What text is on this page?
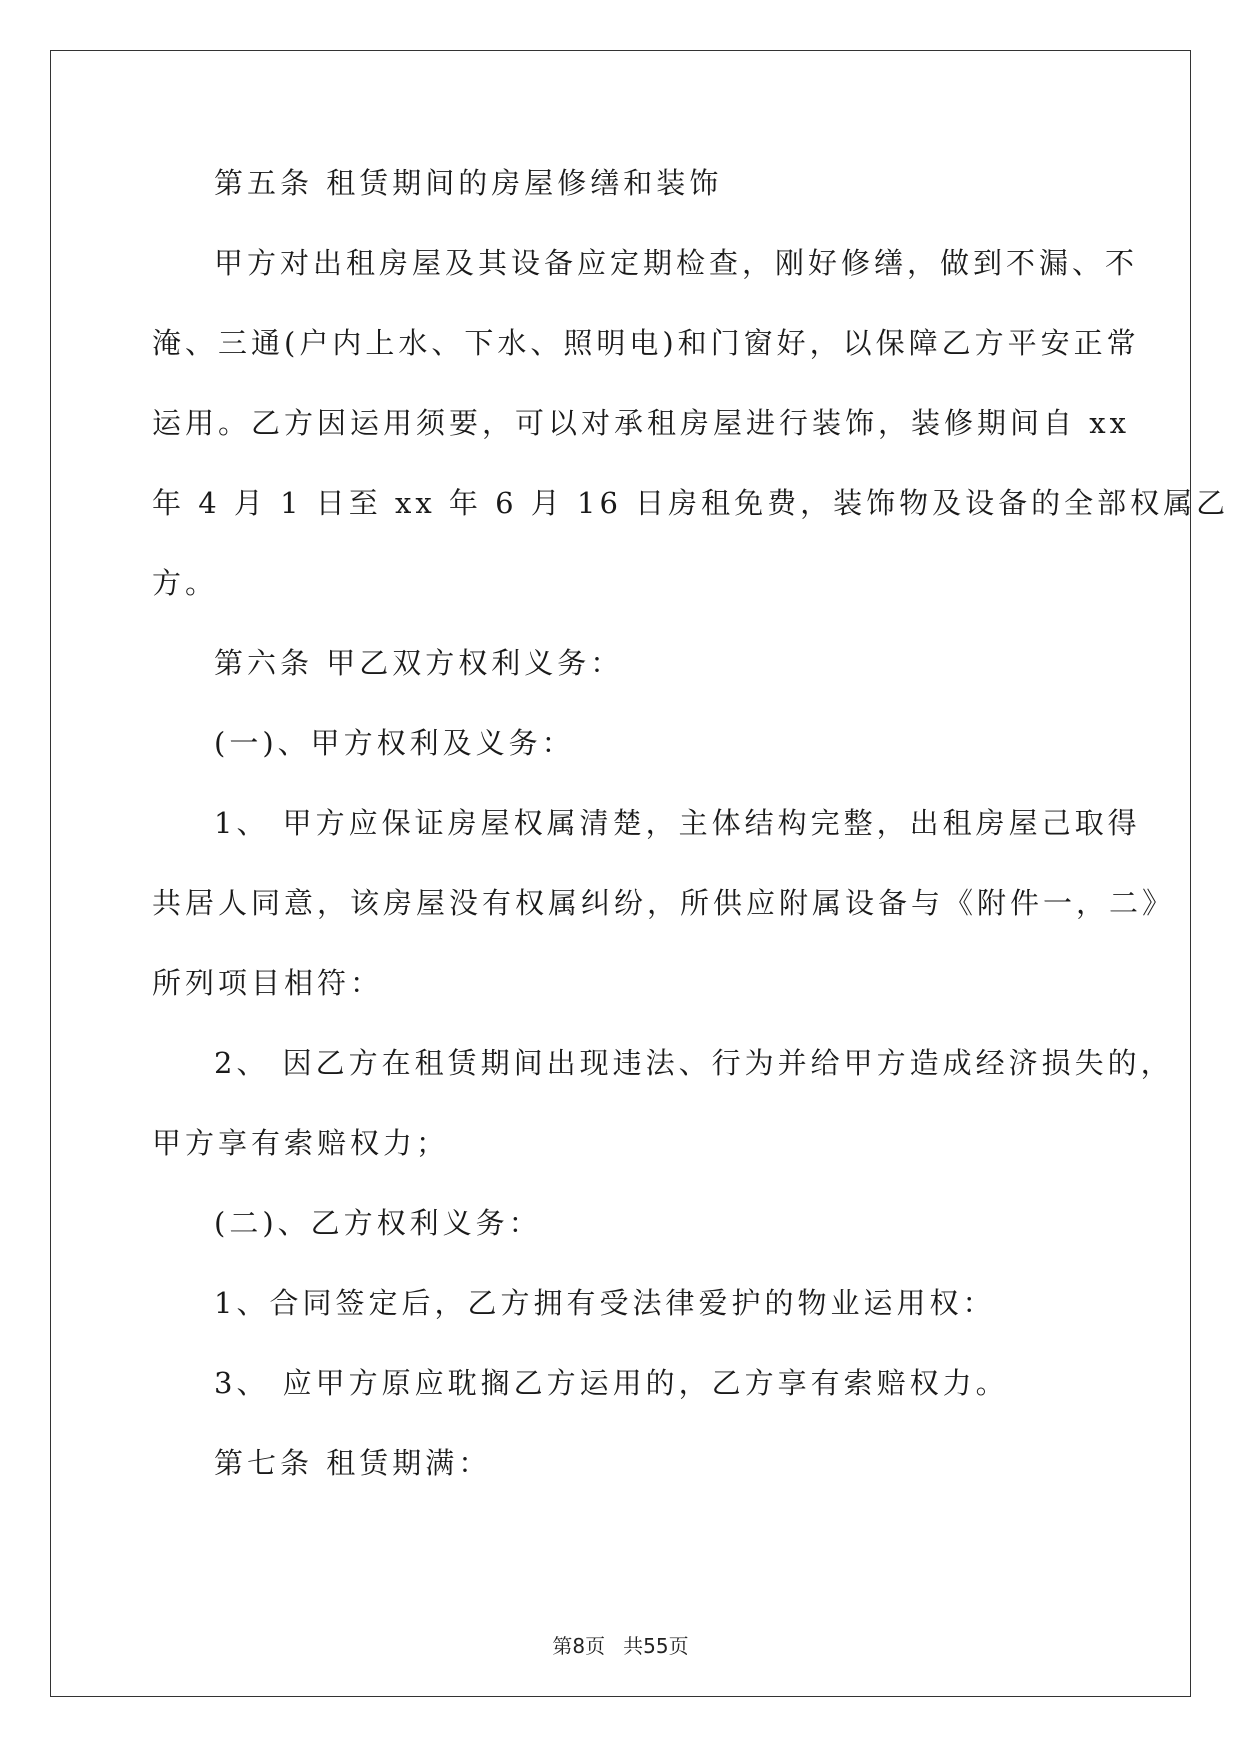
第五条 租赁期间的房屋修缮和装饰
甲方对出租房屋及其设备应定期检查，刚好修缮，做到不漏、不
淹、三通(户内上水、下水、照明电)和门窗好，以保障乙方平安正常
运用。乙方因运用须要，可以对承租房屋进行装饰，装修期间自 xx
年 4 月 1 日至 xx 年 6 月 16 日房租免费，装饰物及设备的全部权属乙
方。
第六条 甲乙双方权利义务：
(一)、甲方权利及义务：
1、 甲方应保证房屋权属清楚，主体结构完整，出租房屋己取得
共居人同意，该房屋没有权属纠纷，所供应附属设备与《附件一，二》
所列项目相符：
2、 因乙方在租赁期间出现违法、行为并给甲方造成经济损失的，
甲方享有索赔权力；
(二)、乙方权利义务：
1、合同签定后，乙方拥有受法律爱护的物业运用权：
3、 应甲方原应耽搁乙方运用的，乙方享有索赔权力。
第七条 租赁期满：
第8页 共55页
